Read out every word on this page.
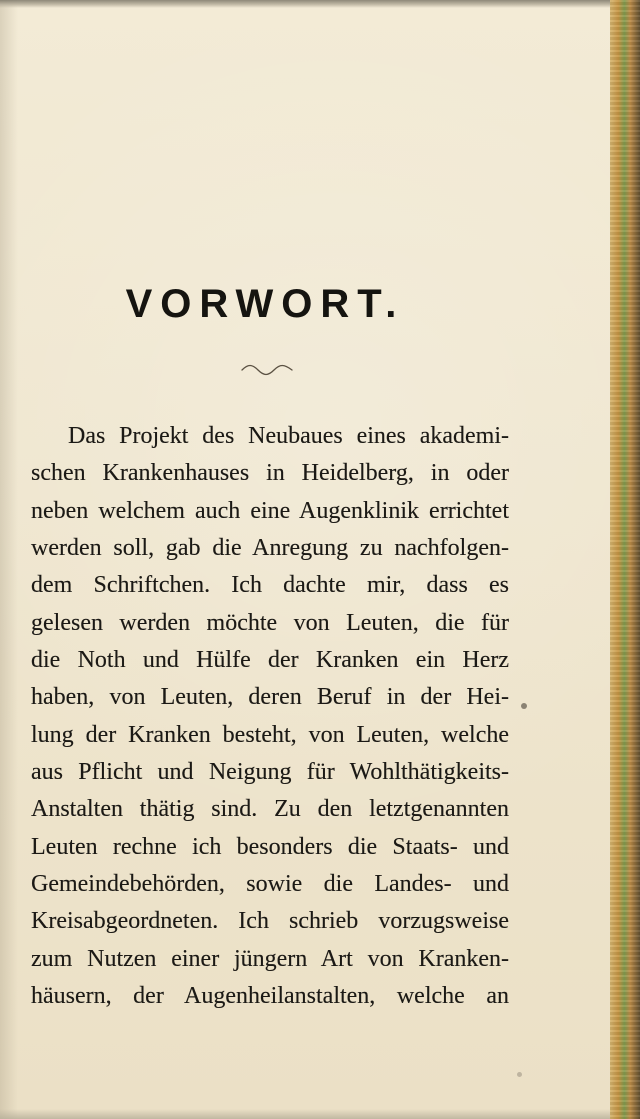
VORWORT.
Das Projekt des Neubaues eines akademi-
schen Krankenhauses in Heidelberg, in oder
neben welchem auch eine Augenklinik errichtet
werden soll, gab die Anregung zu nachfolgen-
dem Schriftchen. Ich dachte mir, dass es
gelesen werden möchte von Leuten, die für
die Noth und Hülfe der Kranken ein Herz
haben, von Leuten, deren Beruf in der Hei-
lung der Kranken besteht, von Leuten, welche
aus Pflicht und Neigung für Wohlthätigkeits-
Anstalten thätig sind. Zu den letztgenannten
Leuten rechne ich besonders die Staats- und
Gemeindebehörden, sowie die Landes- und
Kreisabgeordneten. Ich schrieb vorzugsweise
zum Nutzen einer jüngern Art von Kranken-
häusern, der Augenheilanstalten, welche an
